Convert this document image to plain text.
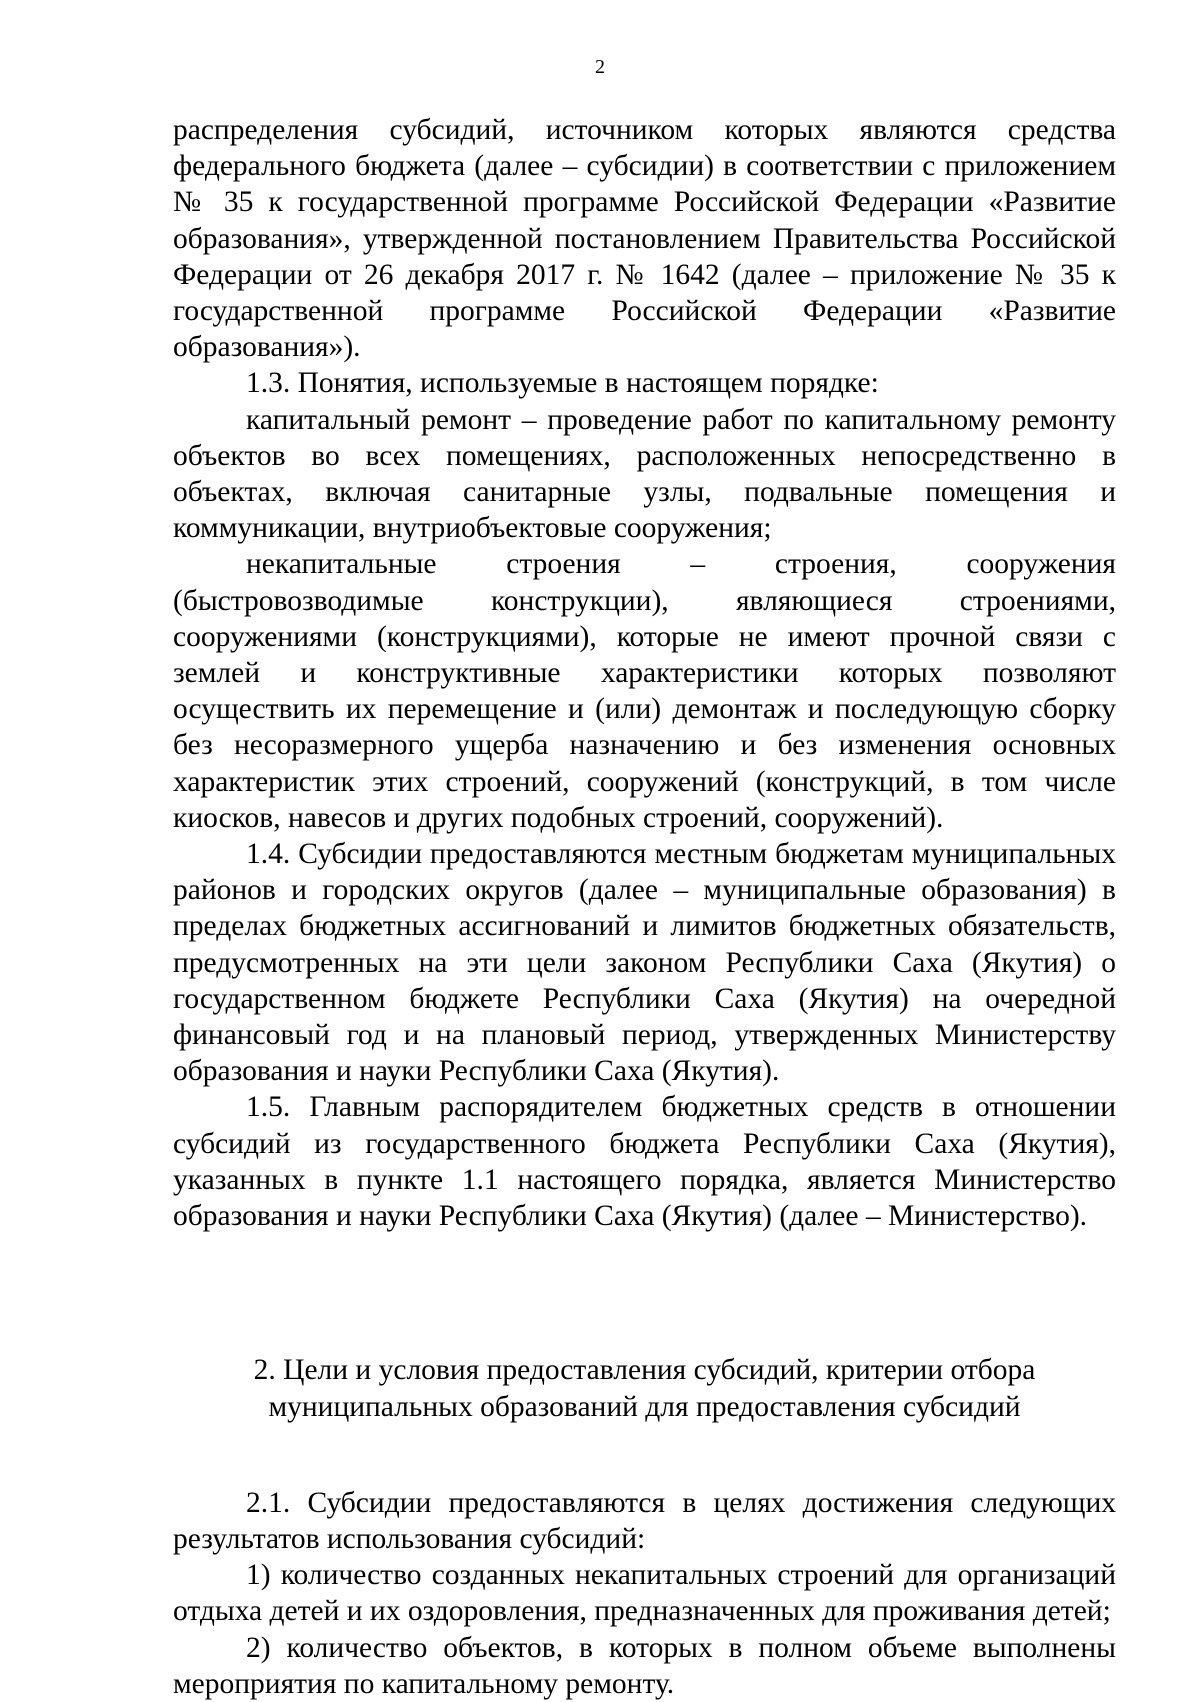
2

распределения субсидий, источником которых являются средства федерального бюджета (далее – субсидии) в соответствии с приложением № 35 к государственной программе Российской Федерации «Развитие образования», утвержденной постановлением Правительства Российской Федерации от 26 декабря 2017 г. № 1642 (далее – приложение № 35 к государственной программе Российской Федерации «Развитие образования»).

1.3. Понятия, используемые в настоящем порядке:

капитальный ремонт – проведение работ по капитальному ремонту объектов во всех помещениях, расположенных непосредственно в объектах, включая санитарные узлы, подвальные помещения и коммуникации, внутриобъектовые сооружения;

некапитальные строения – строения, сооружения (быстровозводимые конструкции), являющиеся строениями, сооружениями (конструкциями), которые не имеют прочной связи с землей и конструктивные характеристики которых позволяют осуществить их перемещение и (или) демонтаж и последующую сборку без несоразмерного ущерба назначению и без изменения основных характеристик этих строений, сооружений (конструкций, в том числе киосков, навесов и других подобных строений, сооружений).

1.4. Субсидии предоставляются местным бюджетам муниципальных районов и городских округов (далее – муниципальные образования) в пределах бюджетных ассигнований и лимитов бюджетных обязательств, предусмотренных на эти цели законом Республики Саха (Якутия) о государственном бюджете Республики Саха (Якутия) на очередной финансовый год и на плановый период, утвержденных Министерству образования и науки Республики Саха (Якутия).

1.5. Главным распорядителем бюджетных средств в отношении субсидий из государственного бюджета Республики Саха (Якутия), указанных в пункте 1.1 настоящего порядка, является Министерство образования и науки Республики Саха (Якутия) (далее – Министерство).

2. Цели и условия предоставления субсидий, критерии отбора
муниципальных образований для предоставления субсидий

2.1. Субсидии предоставляются в целях достижения следующих результатов использования субсидий:

1) количество созданных некапитальных строений для организаций отдыха детей и их оздоровления, предназначенных для проживания детей;

2) количество объектов, в которых в полном объеме выполнены мероприятия по капитальному ремонту.
